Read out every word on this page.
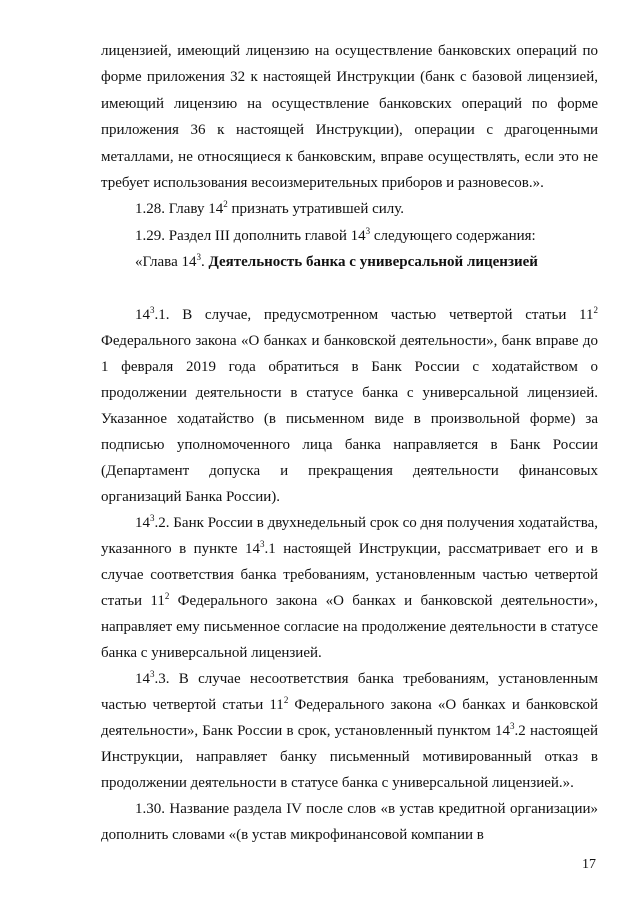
лицензией, имеющий лицензию на осуществление банковских операций по форме приложения 32 к настоящей Инструкции (банк с базовой лицензией, имеющий лицензию на осуществление банковских операций по форме приложения 36 к настоящей Инструкции), операции с драгоценными металлами, не относящиеся к банковским, вправе осуществлять, если это не требует использования весоизмерительных приборов и разновесов.».

1.28. Главу $14^2$ признать утратившей силу.

1.29. Раздел III дополнить главой $14^3$ следующего содержания:

«Глава $14^3$. Деятельность банка с универсальной лицензией

$14^3.1$. В случае, предусмотренном частью четвертой статьи $11^2$ Федерального закона «О банках и банковской деятельности», банк вправе до 1 февраля 2019 года обратиться в Банк России с ходатайством о продолжении деятельности в статусе банка с универсальной лицензией. Указанное ходатайство (в письменном виде в произвольной форме) за подписью уполномоченного лица банка направляется в Банк России (Департамент допуска и прекращения деятельности финансовых организаций Банка России).

$14^3.2$. Банк России в двухнедельный срок со дня получения ходатайства, указанного в пункте $14^3.1$ настоящей Инструкции, рассматривает его и в случае соответствия банка требованиям, установленным частью четвертой статьи $11^2$ Федерального закона «О банках и банковской деятельности», направляет ему письменное согласие на продолжение деятельности в статусе банка с универсальной лицензией.

$14^3.3$. В случае несоответствия банка требованиям, установленным частью четвертой статьи $11^2$ Федерального закона «О банках и банковской деятельности», Банк России в срок, установленный пунктом $14^3.2$ настоящей Инструкции, направляет банку письменный мотивированный отказ в продолжении деятельности в статусе банка с универсальной лицензией.».

1.30. Название раздела IV после слов «в устав кредитной организации» дополнить словами «(в устав микрофинансовой компании в

17
